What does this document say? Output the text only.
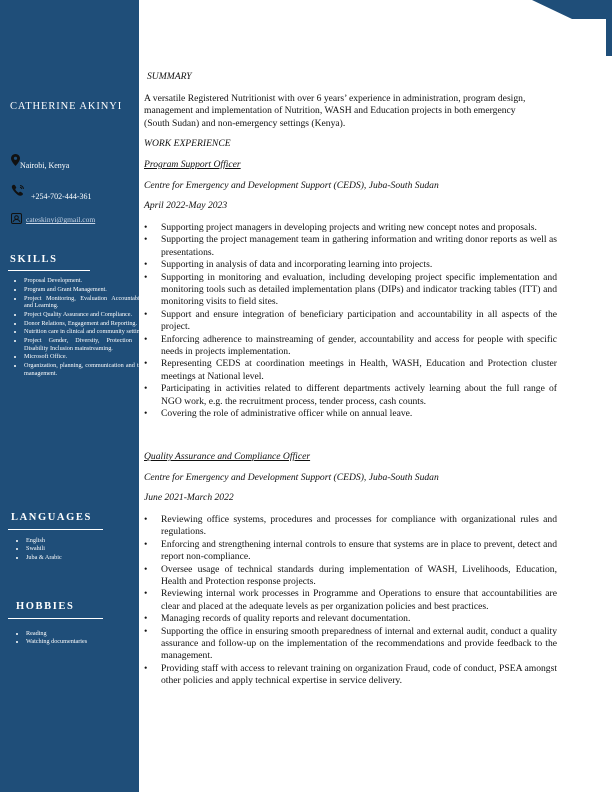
CATHERINE AKINYI
Nairobi, Kenya
+254-702-444-361
cateskinyi@gmail.com
SKILLS
• Proposal Development.
• Program and Grant Management.
• Project Monitoring, Evaluation Accountability and Learning.
• Project Quality Assurance and Compliance.
• Donor Relations, Engagement and Reporting.
• Nutrition care in clinical and community setting.
• Project Gender, Diversity, Protection and Disability Inclusion mainstreaming.
• Microsoft Office.
• Organization, planning, communication and time management.
LANGUAGES
• English
• Swahili
• Juba & Arabic
HOBBIES
• Reading
• Watching documentaries
SUMMARY
A versatile Registered Nutritionist with over 6 years’ experience in administration, program design, management and implementation of Nutrition, WASH and Education projects in both emergency (South Sudan) and non-emergency settings (Kenya).
WORK EXPERIENCE
Program Support Officer
Centre for Emergency and Development Support (CEDS), Juba-South Sudan
April 2022-May 2023
• Supporting project managers in developing projects and writing new concept notes and proposals.
• Supporting the project management team in gathering information and writing donor reports as well as presentations.
• Supporting in analysis of data and incorporating learning into projects.
• Supporting in monitoring and evaluation, including developing project specific implementation and monitoring tools such as detailed implementation plans (DIPs) and indicator tracking tables (ITT) and monitoring visits to field sites.
• Support and ensure integration of beneficiary participation and accountability in all aspects of the project.
• Enforcing adherence to mainstreaming of gender, accountability and access for people with specific needs in projects implementation.
• Representing CEDS at coordination meetings in Health, WASH, Education and Protection cluster meetings at National level.
• Participating in activities related to different departments actively learning about the full range of NGO work, e.g. the recruitment process, tender process, cash counts.
• Covering the role of administrative officer while on annual leave.
Quality Assurance and Compliance Officer
Centre for Emergency and Development Support (CEDS), Juba-South Sudan
June 2021-March 2022
• Reviewing office systems, procedures and processes for compliance with organizational rules and regulations.
• Enforcing and strengthening internal controls to ensure that systems are in place to prevent, detect and report non-compliance.
• Oversee usage of technical standards during implementation of WASH, Livelihoods, Education, Health and Protection response projects.
• Reviewing internal work processes in Programme and Operations to ensure that accountabilities are clear and placed at the adequate levels as per organization policies and best practices.
• Managing records of quality reports and relevant documentation.
• Supporting the office in ensuring smooth preparedness of internal and external audit, conduct a quality assurance and follow-up on the implementation of the recommendations and provide feedback to the management.
• Providing staff with access to relevant training on organization Fraud, code of conduct, PSEA amongst other policies and apply technical expertise in service delivery.
